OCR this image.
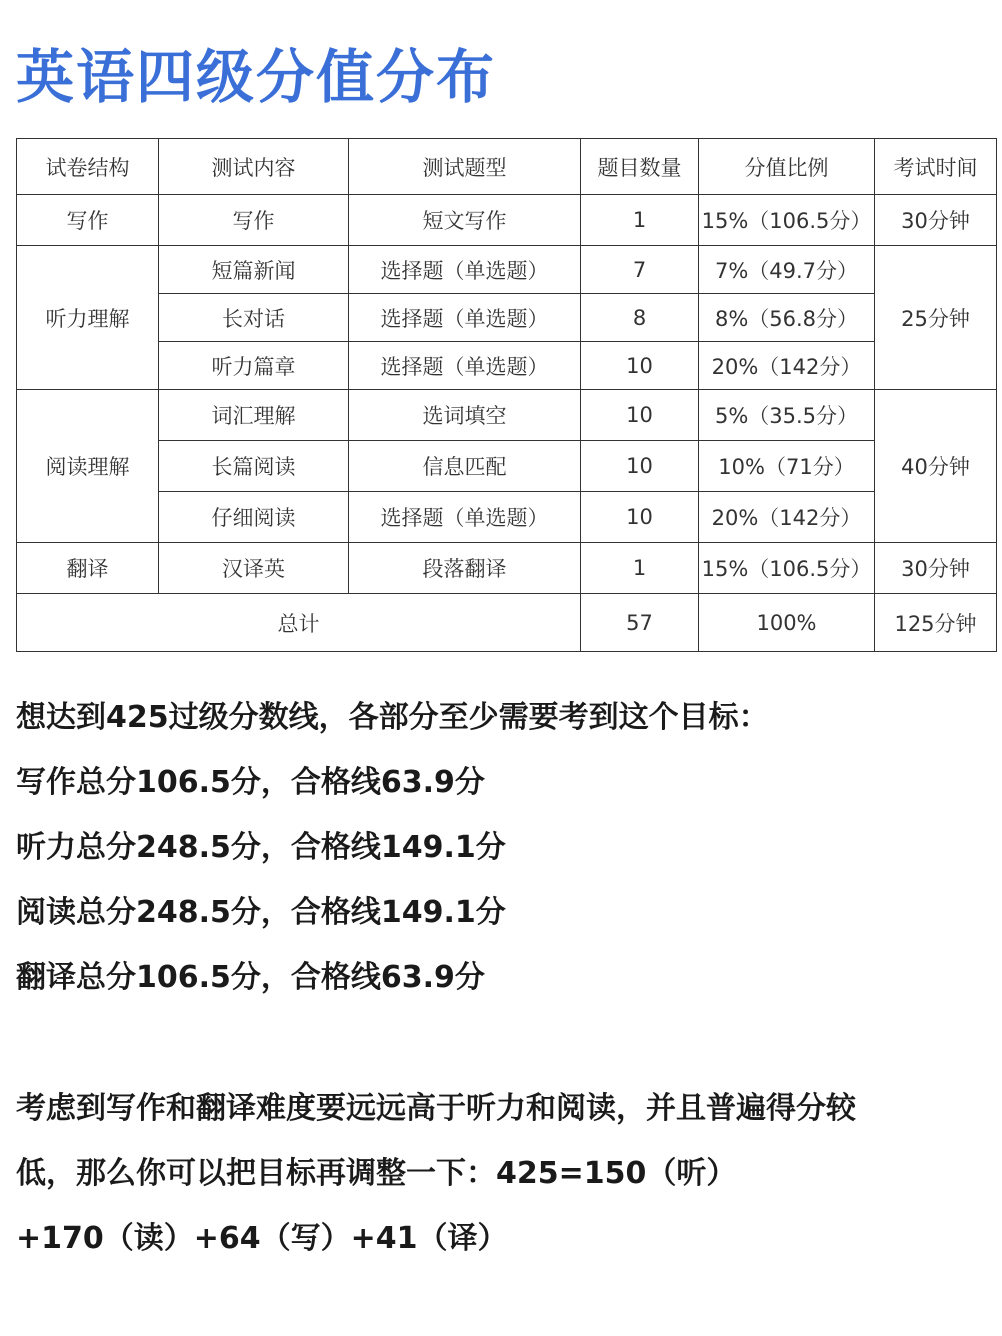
英语四级分值分布
试卷结构	测试内容	测试题型	题目数量	分值比例	考试时间
写作	写作	短文写作	1	15%（106.5分）	30分钟
听力理解	短篇新闻	选择题（单选题）	7	7%（49.7分）	25分钟
	长对话	选择题（单选题）	8	8%（56.8分）	
	听力篇章	选择题（单选题）	10	20%（142分）	
阅读理解	词汇理解	选词填空	10	5%（35.5分）	40分钟
	长篇阅读	信息匹配	10	10%（71分）	
	仔细阅读	选择题（单选题）	10	20%（142分）	
翻译	汉译英	段落翻译	1	15%（106.5分）	30分钟
总计			57	100%	125分钟
想达到425过级分数线，各部分至少需要考到这个目标：
写作总分106.5分，合格线63.9分
听力总分248.5分，合格线149.1分
阅读总分248.5分，合格线149.1分
翻译总分106.5分，合格线63.9分
考虑到写作和翻译难度要远远高于听力和阅读，并且普遍得分较
低，那么你可以把目标再调整一下：425=150（听）
+170（读）+64（写）+41（译）
